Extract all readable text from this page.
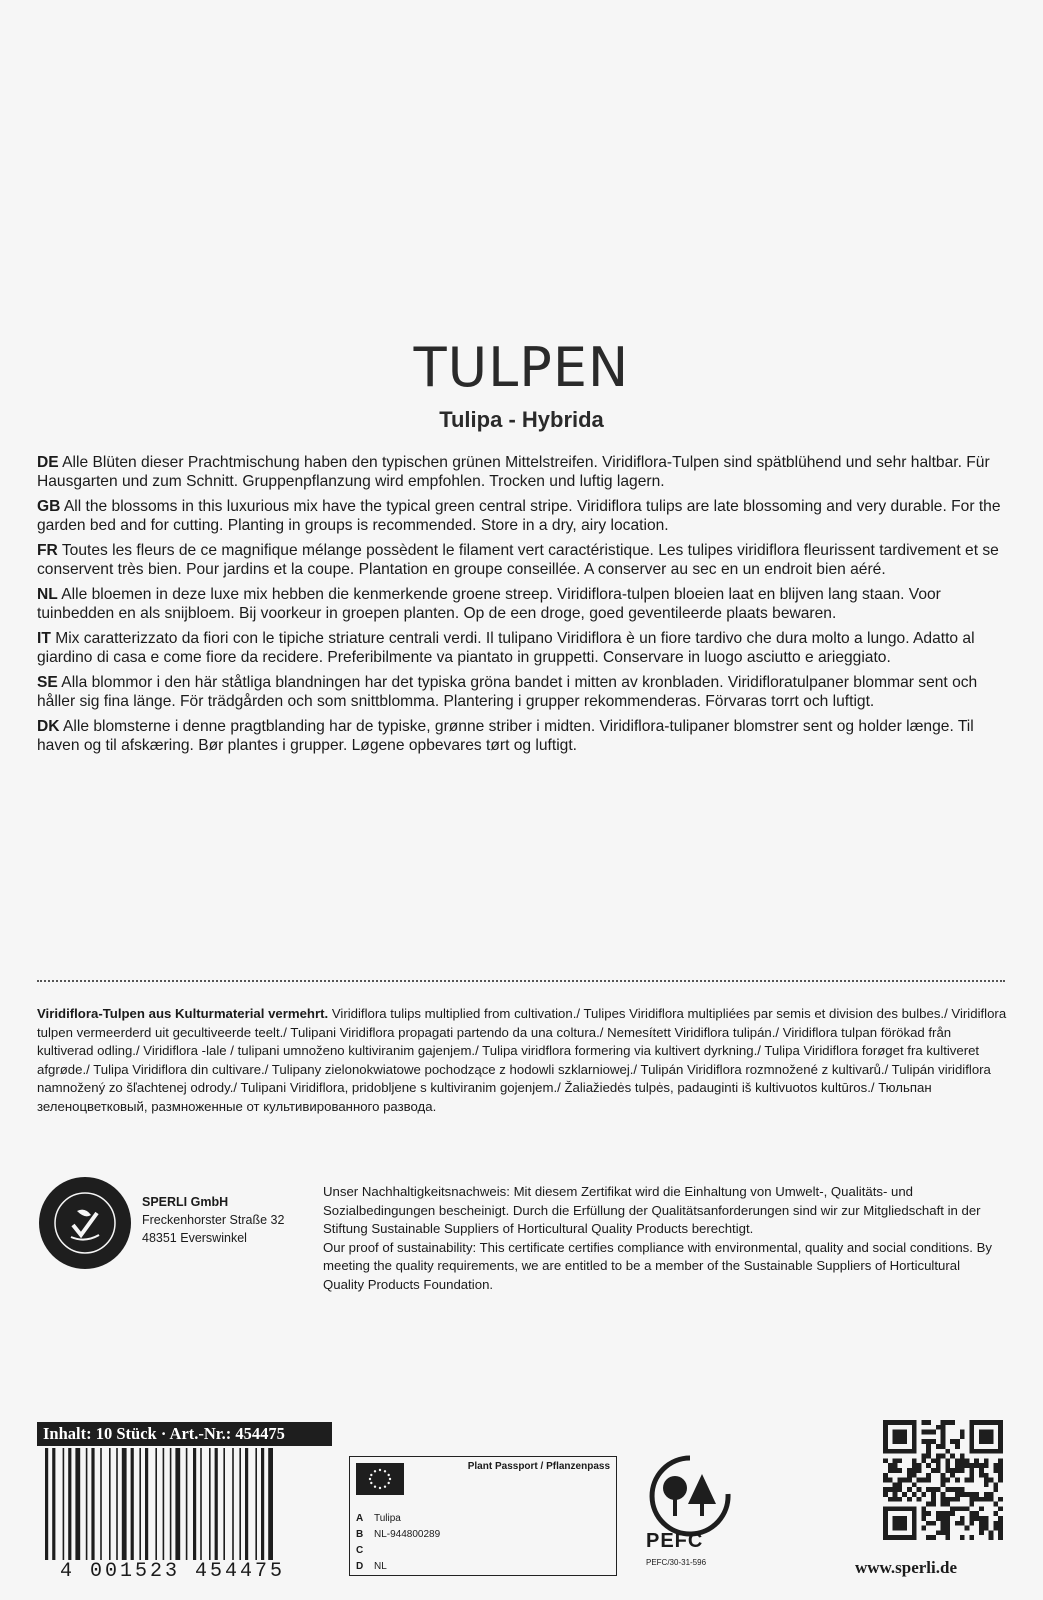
TULPEN
Tulipa - Hybrida

DE Alle Blüten dieser Prachtmischung haben den typischen grünen Mittelstreifen. Viridiflora-Tulpen sind spätblühend und sehr haltbar. Für Hausgarten und zum Schnitt. Gruppenpflanzung wird empfohlen. Trocken und luftig lagern.

GB All the blossoms in this luxurious mix have the typical green central stripe. Viridiflora tulips are late blossoming and very durable. For the garden bed and for cutting. Planting in groups is recommended. Store in a dry, airy location.

FR Toutes les fleurs de ce magnifique mélange possèdent le filament vert caractéristique. Les tulipes viridiflora fleurissent tardivement et se conservent très bien. Pour jardins et la coupe. Plantation en groupe conseillée. A conserver au sec en un endroit bien aéré.

NL Alle bloemen in deze luxe mix hebben die kenmerkende groene streep. Viridiflora-tulpen bloeien laat en blijven lang staan. Voor tuinbedden en als snijbloem. Bij voorkeur in groepen planten. Op de een droge, goed geventileerde plaats bewaren.

IT Mix caratterizzato da fiori con le tipiche striature centrali verdi. Il tulipano Viridiflora è un fiore tardivo che dura molto a lungo. Adatto al giardino di casa e come fiore da recidere. Preferibilmente va piantato in gruppetti. Conservare in luogo asciutto e arieggiato.

SE Alla blommor i den här ståtliga blandningen har det typiska gröna bandet i mitten av kronbladen. Viridifloratulpaner blommar sent och håller sig fina länge. För trädgården och som snittblomma. Plantering i grupper rekommenderas. Förvaras torrt och luftigt.

DK Alle blomsterne i denne pragtblanding har de typiske, grønne striber i midten. Viridiflora-tulipaner blomstrer sent og holder længe. Til haven og til afskæring. Bør plantes i grupper. Løgene opbevares tørt og luftigt.

Viridiflora-Tulpen aus Kulturmaterial vermehrt. Viridiflora tulips multiplied from cultivation./ Tulipes Viridiflora multipliées par semis et division des bulbes./ Viridiflora tulpen vermeerderd uit gecultiveerde teelt./ Tulipani Viridiflora propagati partendo da una coltura./ Nemesített Viridiflora tulipán./ Viridiflora tulpan förökad från kultiverad odling./ Viridiflora -lale / tulipani umnoženo kultiviranim gajenjem./ Tulipa viridflora formering via kultivert dyrkning./ Tulipa Viridiflora forøget fra kultiveret afgrøde./ Tulipa Viridiflora din cultivare./ Tulipany zielonokwiatowe pochodzące z hodowli szklarniowej./ Tulipán Viridiflora rozmnožené z kultivarů./ Tulipán viridiflora namnožený zo šľachtenej odrody./ Tulipani Viridiflora, pridobljene s kultiviranim gojenjem./ Žaliažiedės tulpės, padauginti iš kultivuotos kultūros./ Тюльпан зеленоцветковый, размноженные от культивированного развода.
SPERLI GmbH
Freckenhorster Straße 32
48351 Everswinkel

Unser Nachhaltigkeitsnachweis: Mit diesem Zertifikat wird die Einhaltung von Umwelt-, Qualitäts- und Sozialbedingungen bescheinigt. Durch die Erfüllung der Qualitätsanforderungen sind wir zur Mitgliedschaft in der Stiftung Sustainable Suppliers of Horticultural Quality Products berechtigt.

Our proof of sustainability: This certificate certifies compliance with environmental, quality and social conditions. By meeting the quality requirements, we are entitled to be a member of the Sustainable Suppliers of Horticultural Quality Products Foundation.

Inhalt: 10 Stück · Art.-Nr.: 454475
4 001523 454475
Plant Passport / Pflanzenpass
A Tulipa
B NL-944800289
C
D NL
PEFC
PEFC/30-31-596	www.sperli.de
